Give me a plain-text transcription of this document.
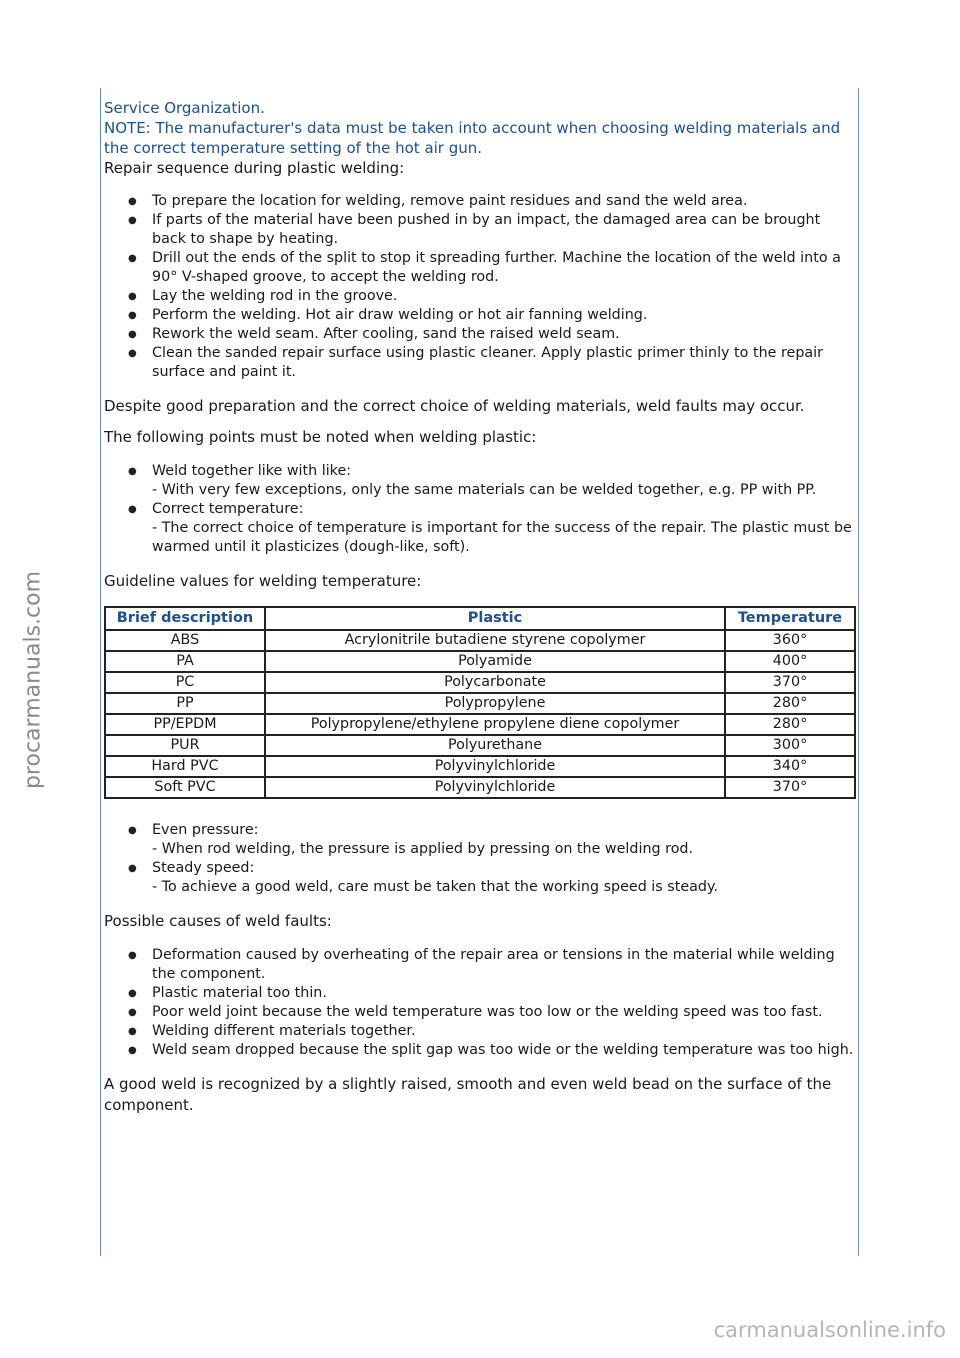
procarmanuals.com
carmanualsonline.info

Service Organization.

NOTE: The manufacturer's data must be taken into account when choosing welding materials and the correct temperature setting of the hot air gun.

Repair sequence during plastic welding:

● To prepare the location for welding, remove paint residues and sand the weld area.
● If parts of the material have been pushed in by an impact, the damaged area can be brought back to shape by heating.
● Drill out the ends of the split to stop it spreading further. Machine the location of the weld into a 90° V-shaped groove, to accept the welding rod.
● Lay the welding rod in the groove.
● Perform the welding. Hot air draw welding or hot air fanning welding.
● Rework the weld seam. After cooling, sand the raised weld seam.
● Clean the sanded repair surface using plastic cleaner. Apply plastic primer thinly to the repair surface and paint it.

Despite good preparation and the correct choice of welding materials, weld faults may occur.

The following points must be noted when welding plastic:

● Weld together like with like:
- With very few exceptions, only the same materials can be welded together, e.g. PP with PP.
● Correct temperature:
- The correct choice of temperature is important for the success of the repair. The plastic must be warmed until it plasticizes (dough-like, soft).

Guideline values for welding temperature:

Brief description	Plastic	Temperature
ABS	Acrylonitrile butadiene styrene copolymer	360°
PA	Polyamide	400°
PC	Polycarbonate	370°
PP	Polypropylene	280°
PP/EPDM	Polypropylene/ethylene propylene diene copolymer	280°
PUR	Polyurethane	300°
Hard PVC	Polyvinylchloride	340°
Soft PVC	Polyvinylchloride	370°
● Even pressure:
- When rod welding, the pressure is applied by pressing on the welding rod.
● Steady speed:
- To achieve a good weld, care must be taken that the working speed is steady.

Possible causes of weld faults:

● Deformation caused by overheating of the repair area or tensions in the material while welding the component.
● Plastic material too thin.
● Poor weld joint because the weld temperature was too low or the welding speed was too fast.
● Welding different materials together.
● Weld seam dropped because the split gap was too wide or the welding temperature was too high.

A good weld is recognized by a slightly raised, smooth and even weld bead on the surface of the component.
